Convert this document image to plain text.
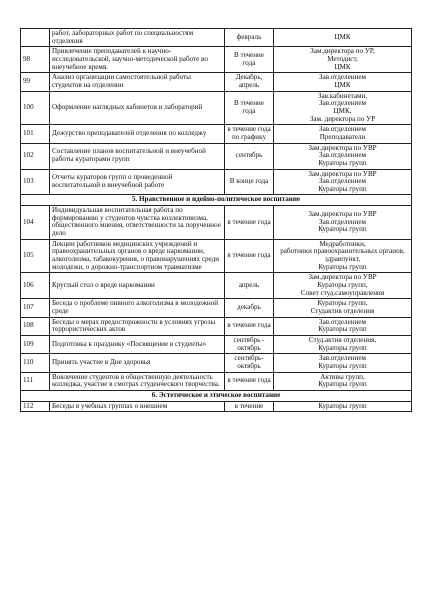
	работ, лабораторных работ по специальностям отделения	февраль	ЦМК

98	Привлечение преподавателей к научно-исследовательской, научно-методической работе во внеучебное время.	В течение года	Зам.директора по УР,
Методист,
ЦМК

99	Анализ организации самостоятельной работы студентов на отделении	Декабрь, апрель	Зав.отделением
ЦМК

100	Оформление наглядных кабинетов и лабораторий	В течение года	Зав.кабинетами,
Зав.отделением
ЦМК,
Зам. директора по УР

101	Дежурство преподавателей отделения по колледжу	в течение года по графику	Зав.отделением
Преподаватели

102	Составление планов воспитательной и внеучебной работы кураторами групп	сентябрь	Зам.директора по УВР
Зав.отделением
Кураторы групп

103	Отчеты кураторов групп о проведенной воспитательной и внеучебной работе	В конце года	Зам.директора по УВР
Зав.отделением
Кураторы групп

5. Нравственное и идейно-политическое воспитание			
104	Индивидуальная воспитательная работа по формированию у студентов чувства коллективизма, общественного мнения, ответственности за порученное дело	в течение года	Зам.директора по УВР
Зав.отделением
Кураторы групп

105	Лекции работников медицинских учреждений и правоохранительных органов о вреде наркомании, алкоголизма, табакокурения, о правонарушениях среди молодежи, о дорожно-транспортном травматизме	в течение года	Медработники,
работники правоохранительных органов, здравпункт,
Кураторы групп

106	Круглый стол о вреде наркомании	апрель	Зам.директора по УВР
Кураторы групп,
Совет студ.самоуправления

107	Беседа о проблеме пивного алкоголизма в молодежной среде	декабрь	Кураторы групп,
Студактив отделения

108	Беседы о мерах предосторожности в условиях угрозы террористических актов	в течение года	Зав.отделением
Кураторы групп

109	Подготовка к празднику «Посвящение в студенты»	сентябрь - октябрь	Студ.актив отделения,
Кураторы групп

110	Принять участие в Дне здоровья	сентябрь-октябрь	Зав.отделением
Кураторы групп

111	Вовлечение студентов в общественную деятельность колледжа, участие в смотрах студенческого творчества.	в течение года	Активы групп,
Кураторы групп

6. Эстетическое и этическое воспитание			
112	Беседы в учебных группах о внешнем	в течение	Кураторы групп
